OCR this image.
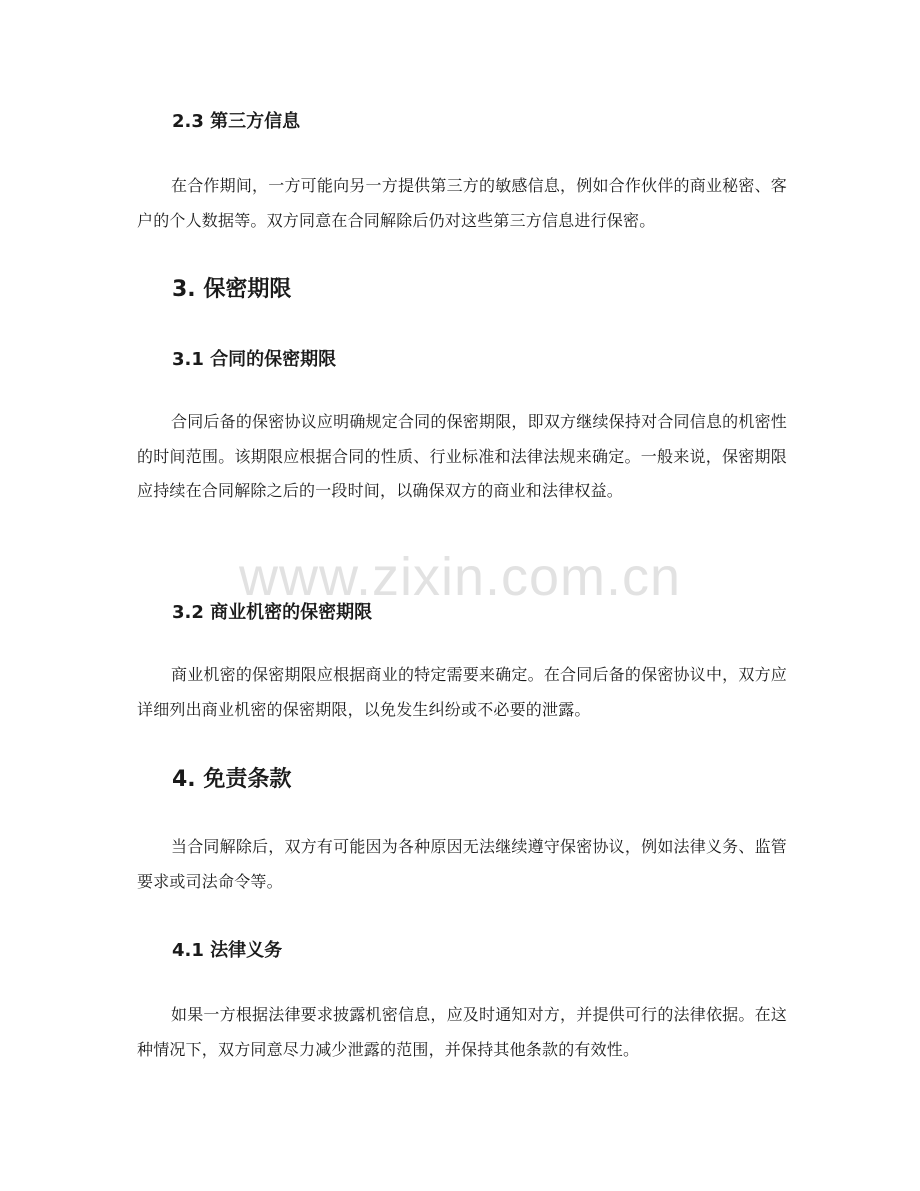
2.3 第三方信息

在合作期间，一方可能向另一方提供第三方的敏感信息，例如合作伙伴的商业秘密、客户的个人数据等。双方同意在合同解除后仍对这些第三方信息进行保密。

3. 保密期限
3.1 合同的保密期限

合同后备的保密协议应明确规定合同的保密期限，即双方继续保持对合同信息的机密性的时间范围。该期限应根据合同的性质、行业标准和法律法规来确定。一般来说，保密期限应持续在合同解除之后的一段时间，以确保双方的商业和法律权益。

3.2 商业机密的保密期限

商业机密的保密期限应根据商业的特定需要来确定。在合同后备的保密协议中，双方应详细列出商业机密的保密期限，以免发生纠纷或不必要的泄露。

4. 免责条款

当合同解除后，双方有可能因为各种原因无法继续遵守保密协议，例如法律义务、监管要求或司法命令等。

4.1 法律义务

如果一方根据法律要求披露机密信息，应及时通知对方，并提供可行的法律依据。在这种情况下，双方同意尽力减少泄露的范围，并保持其他条款的有效性。

www.zixin.com.cn
